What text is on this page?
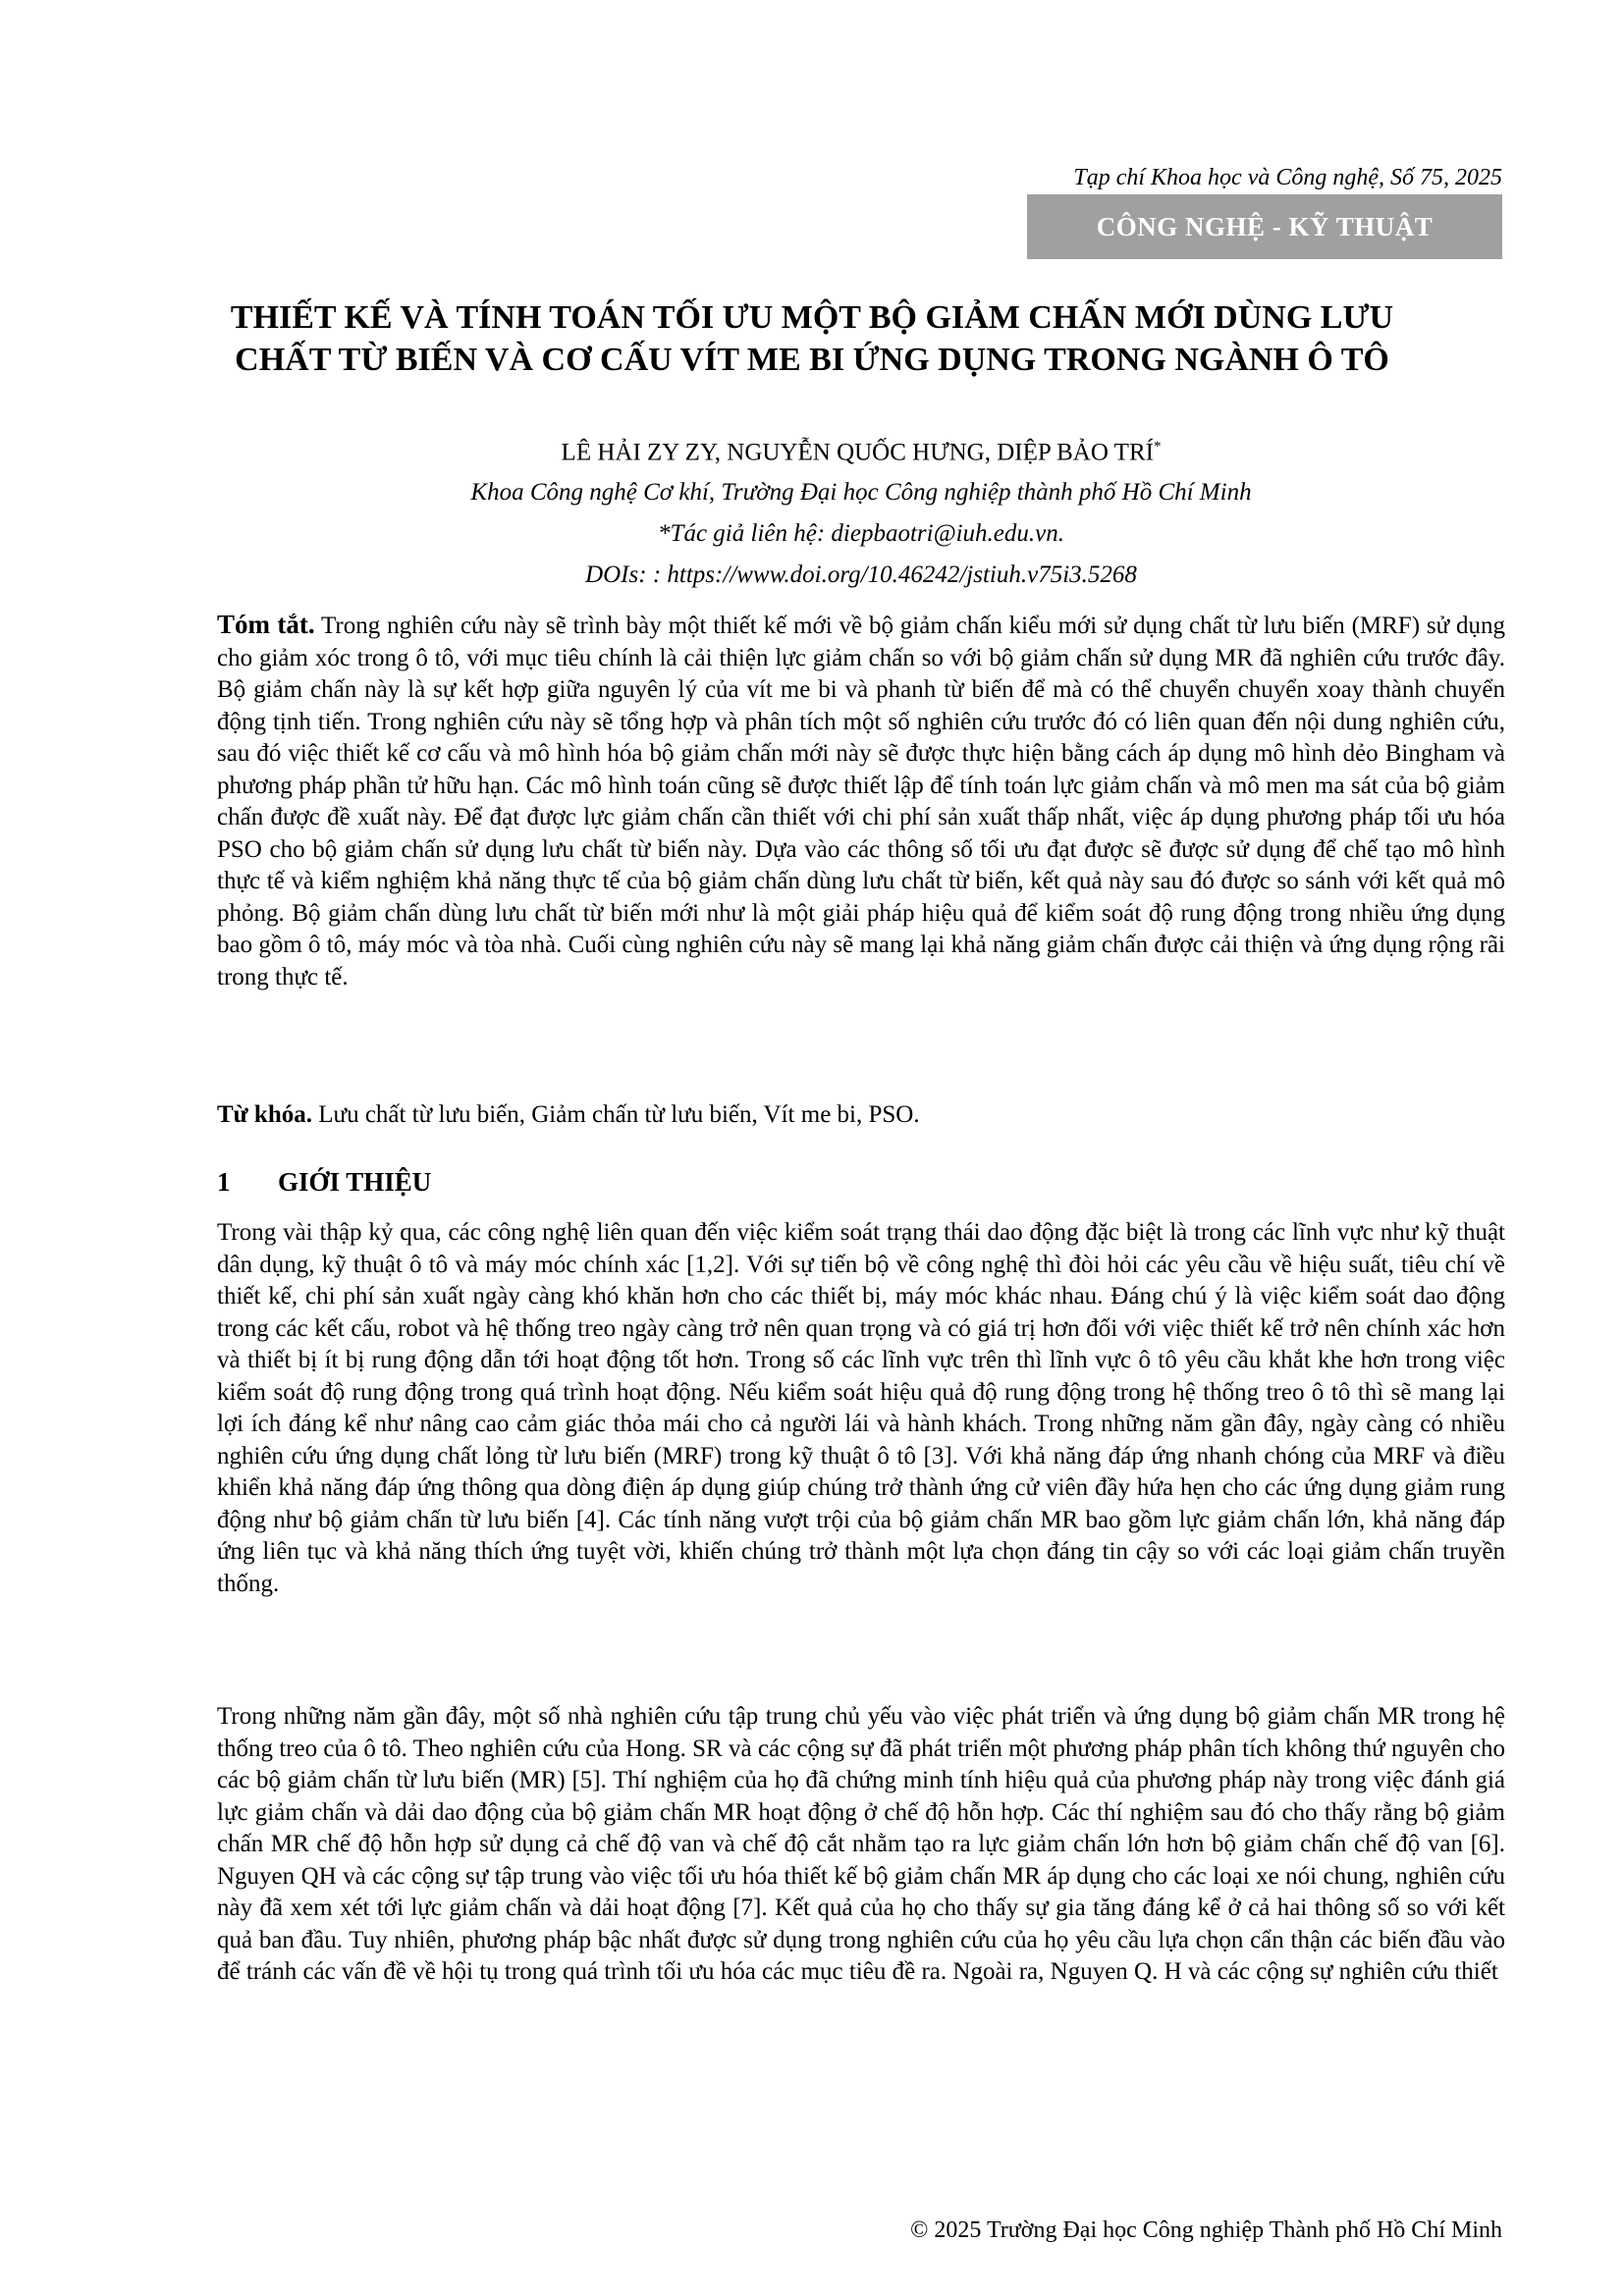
Tạp chí Khoa học và Công nghệ, Số 75, 2025
CÔNG NGHỆ - KỸ THUẬT
THIẾT KẾ VÀ TÍNH TOÁN TỐI ƯU MỘT BỘ GIẢM CHẤN MỚI DÙNG LƯU CHẤT TỪ BIẾN VÀ CƠ CẤU VÍT ME BI ỨNG DỤNG TRONG NGÀNH Ô TÔ
LÊ HẢI ZY ZY, NGUYỄN QUỐC HƯNG, DIỆP BẢO TRÍ*
Khoa Công nghệ Cơ khí, Trường Đại học Công nghiệp thành phố Hồ Chí Minh
*Tác giả liên hệ: diepbaotri@iuh.edu.vn.
DOIs: : https://www.doi.org/10.46242/jstiuh.v75i3.5268
Tóm tắt. Trong nghiên cứu này sẽ trình bày một thiết kế mới về bộ giảm chấn kiểu mới sử dụng chất từ lưu biến (MRF) sử dụng cho giảm xóc trong ô tô, với mục tiêu chính là cải thiện lực giảm chấn so với bộ giảm chấn sử dụng MR đã nghiên cứu trước đây. Bộ giảm chấn này là sự kết hợp giữa nguyên lý của vít me bi và phanh từ biến để mà có thể chuyển chuyển xoay thành chuyển động tịnh tiến. Trong nghiên cứu này sẽ tổng hợp và phân tích một số nghiên cứu trước đó có liên quan đến nội dung nghiên cứu, sau đó việc thiết kế cơ cấu và mô hình hóa bộ giảm chấn mới này sẽ được thực hiện bằng cách áp dụng mô hình dẻo Bingham và phương pháp phần tử hữu hạn. Các mô hình toán cũng sẽ được thiết lập để tính toán lực giảm chấn và mô men ma sát của bộ giảm chấn được đề xuất này. Để đạt được lực giảm chấn cần thiết với chi phí sản xuất thấp nhất, việc áp dụng phương pháp tối ưu hóa PSO cho bộ giảm chấn sử dụng lưu chất từ biến này. Dựa vào các thông số tối ưu đạt được sẽ được sử dụng để chế tạo mô hình thực tế và kiểm nghiệm khả năng thực tế của bộ giảm chấn dùng lưu chất từ biến, kết quả này sau đó được so sánh với kết quả mô phỏng. Bộ giảm chấn dùng lưu chất từ biến mới như là một giải pháp hiệu quả để kiểm soát độ rung động trong nhiều ứng dụng bao gồm ô tô, máy móc và tòa nhà. Cuối cùng nghiên cứu này sẽ mang lại khả năng giảm chấn được cải thiện và ứng dụng rộng rãi trong thực tế.
Từ khóa. Lưu chất từ lưu biến, Giảm chấn từ lưu biến, Vít me bi, PSO.
1 GIỚI THIỆU

Trong vài thập kỷ qua, các công nghệ liên quan đến việc kiểm soát trạng thái dao động đặc biệt là trong các lĩnh vực như kỹ thuật dân dụng, kỹ thuật ô tô và máy móc chính xác [1,2]. Với sự tiến bộ về công nghệ thì đòi hỏi các yêu cầu về hiệu suất, tiêu chí về thiết kế, chi phí sản xuất ngày càng khó khăn hơn cho các thiết bị, máy móc khác nhau. Đáng chú ý là việc kiểm soát dao động trong các kết cấu, robot và hệ thống treo ngày càng trở nên quan trọng và có giá trị hơn đối với việc thiết kế trở nên chính xác hơn và thiết bị ít bị rung động dẫn tới hoạt động tốt hơn. Trong số các lĩnh vực trên thì lĩnh vực ô tô yêu cầu khắt khe hơn trong việc kiểm soát độ rung động trong quá trình hoạt động. Nếu kiểm soát hiệu quả độ rung động trong hệ thống treo ô tô thì sẽ mang lại lợi ích đáng kể như nâng cao cảm giác thỏa mái cho cả người lái và hành khách. Trong những năm gần đây, ngày càng có nhiều nghiên cứu ứng dụng chất lỏng từ lưu biến (MRF) trong kỹ thuật ô tô [3]. Với khả năng đáp ứng nhanh chóng của MRF và điều khiển khả năng đáp ứng thông qua dòng điện áp dụng giúp chúng trở thành ứng cử viên đầy hứa hẹn cho các ứng dụng giảm rung động như bộ giảm chấn từ lưu biến [4]. Các tính năng vượt trội của bộ giảm chấn MR bao gồm lực giảm chấn lớn, khả năng đáp ứng liên tục và khả năng thích ứng tuyệt vời, khiến chúng trở thành một lựa chọn đáng tin cậy so với các loại giảm chấn truyền thống.

Trong những năm gần đây, một số nhà nghiên cứu tập trung chủ yếu vào việc phát triển và ứng dụng bộ giảm chấn MR trong hệ thống treo của ô tô. Theo nghiên cứu của Hong. SR và các cộng sự đã phát triển một phương pháp phân tích không thứ nguyên cho các bộ giảm chấn từ lưu biến (MR) [5]. Thí nghiệm của họ đã chứng minh tính hiệu quả của phương pháp này trong việc đánh giá lực giảm chấn và dải dao động của bộ giảm chấn MR hoạt động ở chế độ hỗn hợp. Các thí nghiệm sau đó cho thấy rằng bộ giảm chấn MR chế độ hỗn hợp sử dụng cả chế độ van và chế độ cắt nhằm tạo ra lực giảm chấn lớn hơn bộ giảm chấn chế độ van [6]. Nguyen QH và các cộng sự tập trung vào việc tối ưu hóa thiết kế bộ giảm chấn MR áp dụng cho các loại xe nói chung, nghiên cứu này đã xem xét tới lực giảm chấn và dải hoạt động [7]. Kết quả của họ cho thấy sự gia tăng đáng kể ở cả hai thông số so với kết quả ban đầu. Tuy nhiên, phương pháp bậc nhất được sử dụng trong nghiên cứu của họ yêu cầu lựa chọn cẩn thận các biến đầu vào để tránh các vấn đề về hội tụ trong quá trình tối ưu hóa các mục tiêu đề ra. Ngoài ra, Nguyen Q. H và các cộng sự nghiên cứu thiết

© 2025 Trường Đại học Công nghiệp Thành phố Hồ Chí Minh
